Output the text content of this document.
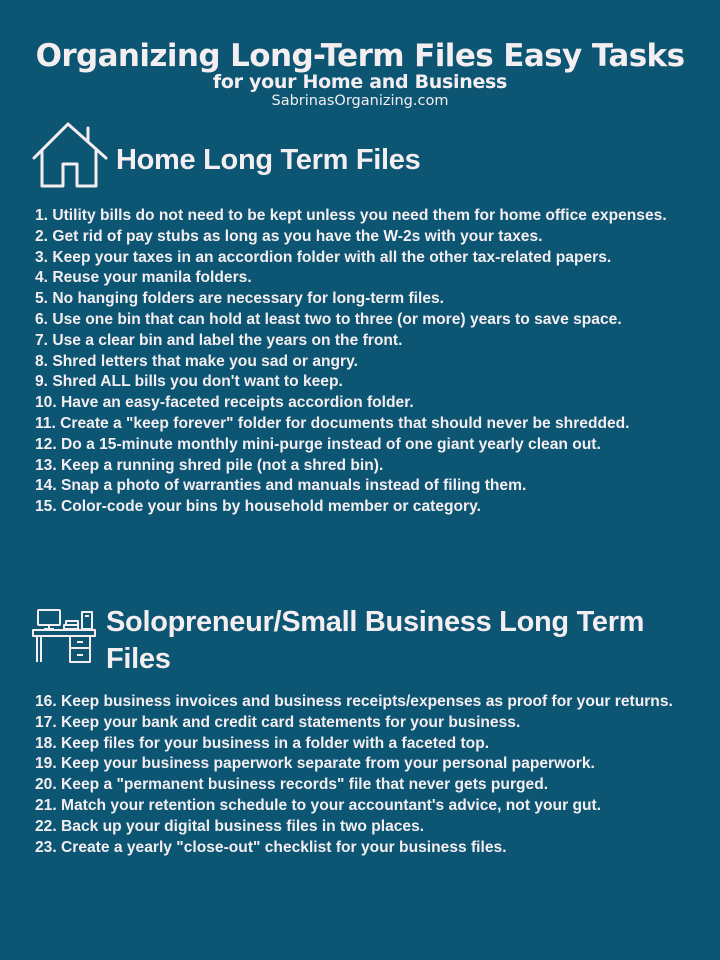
Organizing Long-Term Files Easy Tasks
for your Home and Business
SabrinasOrganizing.com
Home Long Term Files
1. Utility bills do not need to be kept unless you need them for home office expenses.
2. Get rid of pay stubs as long as you have the W-2s with your taxes.
3. Keep your taxes in an accordion folder with all the other tax-related papers.
4. Reuse your manila folders.
5. No hanging folders are necessary for long-term files.
6. Use one bin that can hold at least two to three (or more) years to save space.
7. Use a clear bin and label the years on the front.
8. Shred letters that make you sad or angry.
9. Shred ALL bills you don't want to keep.
10. Have an easy-faceted receipts accordion folder.
11. Create a "keep forever" folder for documents that should never be shredded.
12. Do a 15-minute monthly mini-purge instead of one giant yearly clean out.
13. Keep a running shred pile (not a shred bin).
14. Snap a photo of warranties and manuals instead of filing them.
15. Color-code your bins by household member or category.
Solopreneur/Small Business Long Term Files
16. Keep business invoices and business receipts/expenses as proof for your returns.
17. Keep your bank and credit card statements for your business.
18. Keep files for your business in a folder with a faceted top.
19. Keep your business paperwork separate from your personal paperwork.
20. Keep a "permanent business records" file that never gets purged.
21. Match your retention schedule to your accountant's advice, not your gut.
22. Back up your digital business files in two places.
23. Create a yearly "close-out" checklist for your business files.
